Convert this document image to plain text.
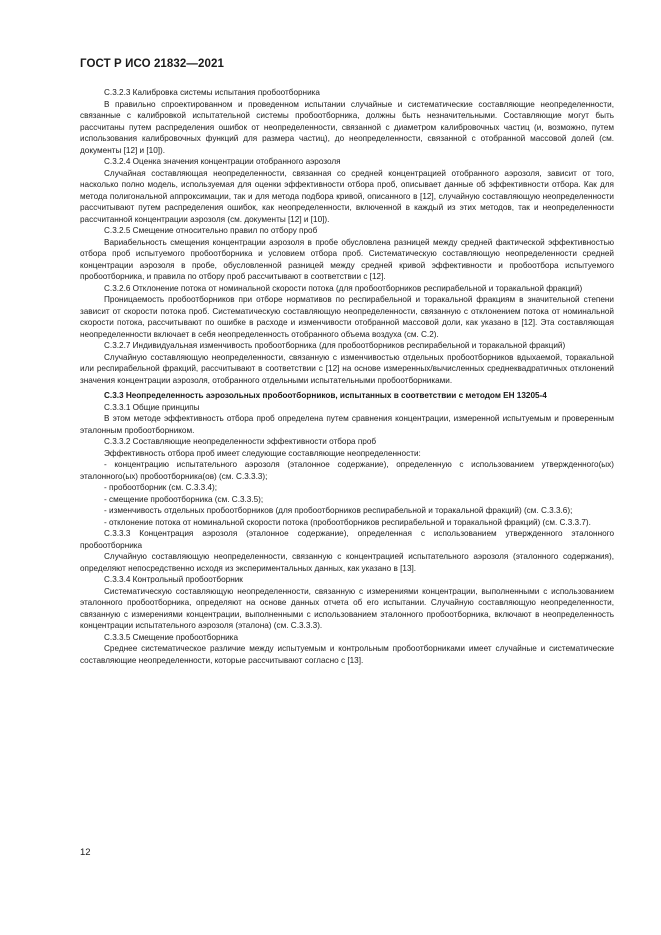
ГОСТ Р ИСО 21832—2021

С.3.2.3 Калибровка системы испытания пробоотборника

В правильно спроектированном и проведенном испытании случайные и систематические составляющие неопределенности, связанные с калибровкой испытательной системы пробоотборника, должны быть незначительными. Составляющие могут быть рассчитаны путем распределения ошибок от неопределенности, связанной с диаметром калибровочных частиц (и, возможно, путем использования калибровочных функций для размера частиц), до неопределенности, связанной с отобранной массовой долей (см. документы [12] и [10]).

С.3.2.4 Оценка значения концентрации отобранного аэрозоля

Случайная составляющая неопределенности, связанная со средней концентрацией отобранного аэрозоля, зависит от того, насколько полно модель, используемая для оценки эффективности отбора проб, описывает данные об эффективности отбора. Как для метода полигональной аппроксимации, так и для метода подбора кривой, описанного в [12], случайную составляющую неопределенности рассчитывают путем распределения ошибок, как неопределенности, включенной в каждый из этих методов, так и неопределенности рассчитанной концентрации аэрозоля (см. документы [12] и [10]).

С.3.2.5 Смещение относительно правил по отбору проб

Вариабельность смещения концентрации аэрозоля в пробе обусловлена разницей между средней фактической эффективностью отбора проб испытуемого пробоотборника и условием отбора проб. Систематическую составляющую неопределенности средней концентрации аэрозоля в пробе, обусловленной разницей между средней кривой эффективности и пробоотбора испытуемого пробоотборника, и правила по отбору проб рассчитывают в соответствии с [12].

С.3.2.6 Отклонение потока от номинальной скорости потока (для пробоотборников респирабельной и торакальной фракций)

Проницаемость пробоотборников при отборе нормативов по респирабельной и торакальной фракциям в значительной степени зависит от скорости потока проб. Систематическую составляющую неопределенности, связанную с отклонением потока от номинальной скорости потока, рассчитывают по ошибке в расходе и изменчивости отобранной массовой доли, как указано в [12]. Эта составляющая неопределенности включает в себя неопределенность отобранного объема воздуха (см. С.2).

С.3.2.7 Индивидуальная изменчивость пробоотборника (для пробоотборников респирабельной и торакальной фракций)

Случайную составляющую неопределенности, связанную с изменчивостью отдельных пробоотборников вдыхаемой, торакальной или респирабельной фракций, рассчитывают в соответствии с [12] на основе измеренных/вычисленных среднеквадратичных отклонений значения концентрации аэрозоля, отобранного отдельными испытательными пробоотборниками.

С.3.3 Неопределенность аэрозольных пробоотборников, испытанных в соответствии с методом ЕН 13205-4

С.3.3.1 Общие принципы

В этом методе эффективность отбора проб определена путем сравнения концентрации, измеренной испытуемым и проверенным эталонным пробоотборником.

С.3.3.2 Составляющие неопределенности эффективности отбора проб

Эффективность отбора проб имеет следующие составляющие неопределенности:

- концентрацию испытательного аэрозоля (эталонное содержание), определенную с использованием утвержденного(ых) эталонного(ых) пробоотборника(ов) (см. С.3.3.3);

- пробоотборник (см. С.3.3.4);

- смещение пробоотборника (см. С.3.3.5);

- изменчивость отдельных пробоотборников (для пробоотборников респирабельной и торакальной фракций) (см. С.3.3.6);

- отклонение потока от номинальной скорости потока (пробоотборников респирабельной и торакальной фракций) (см. С.3.3.7).

С.3.3.3 Концентрация аэрозоля (эталонное содержание), определенная с использованием утвержденного эталонного пробоотборника

Случайную составляющую неопределенности, связанную с концентрацией испытательного аэрозоля (эталонного содержания), определяют непосредственно исходя из экспериментальных данных, как указано в [13].

С.3.3.4 Контрольный пробоотборник

Систематическую составляющую неопределенности, связанную с измерениями концентрации, выполненными с использованием эталонного пробоотборника, определяют на основе данных отчета об его испытании. Случайную составляющую неопределенности, связанную с измерениями концентрации, выполненными с использованием эталонного пробоотборника, включают в неопределенность концентрации испытательного аэрозоля (эталона) (см. С.3.3.3).

С.3.3.5 Смещение пробоотборника

Среднее систематическое различие между испытуемым и контрольным пробоотборниками имеет случайные и систематические составляющие неопределенности, которые рассчитывают согласно с [13].

12
